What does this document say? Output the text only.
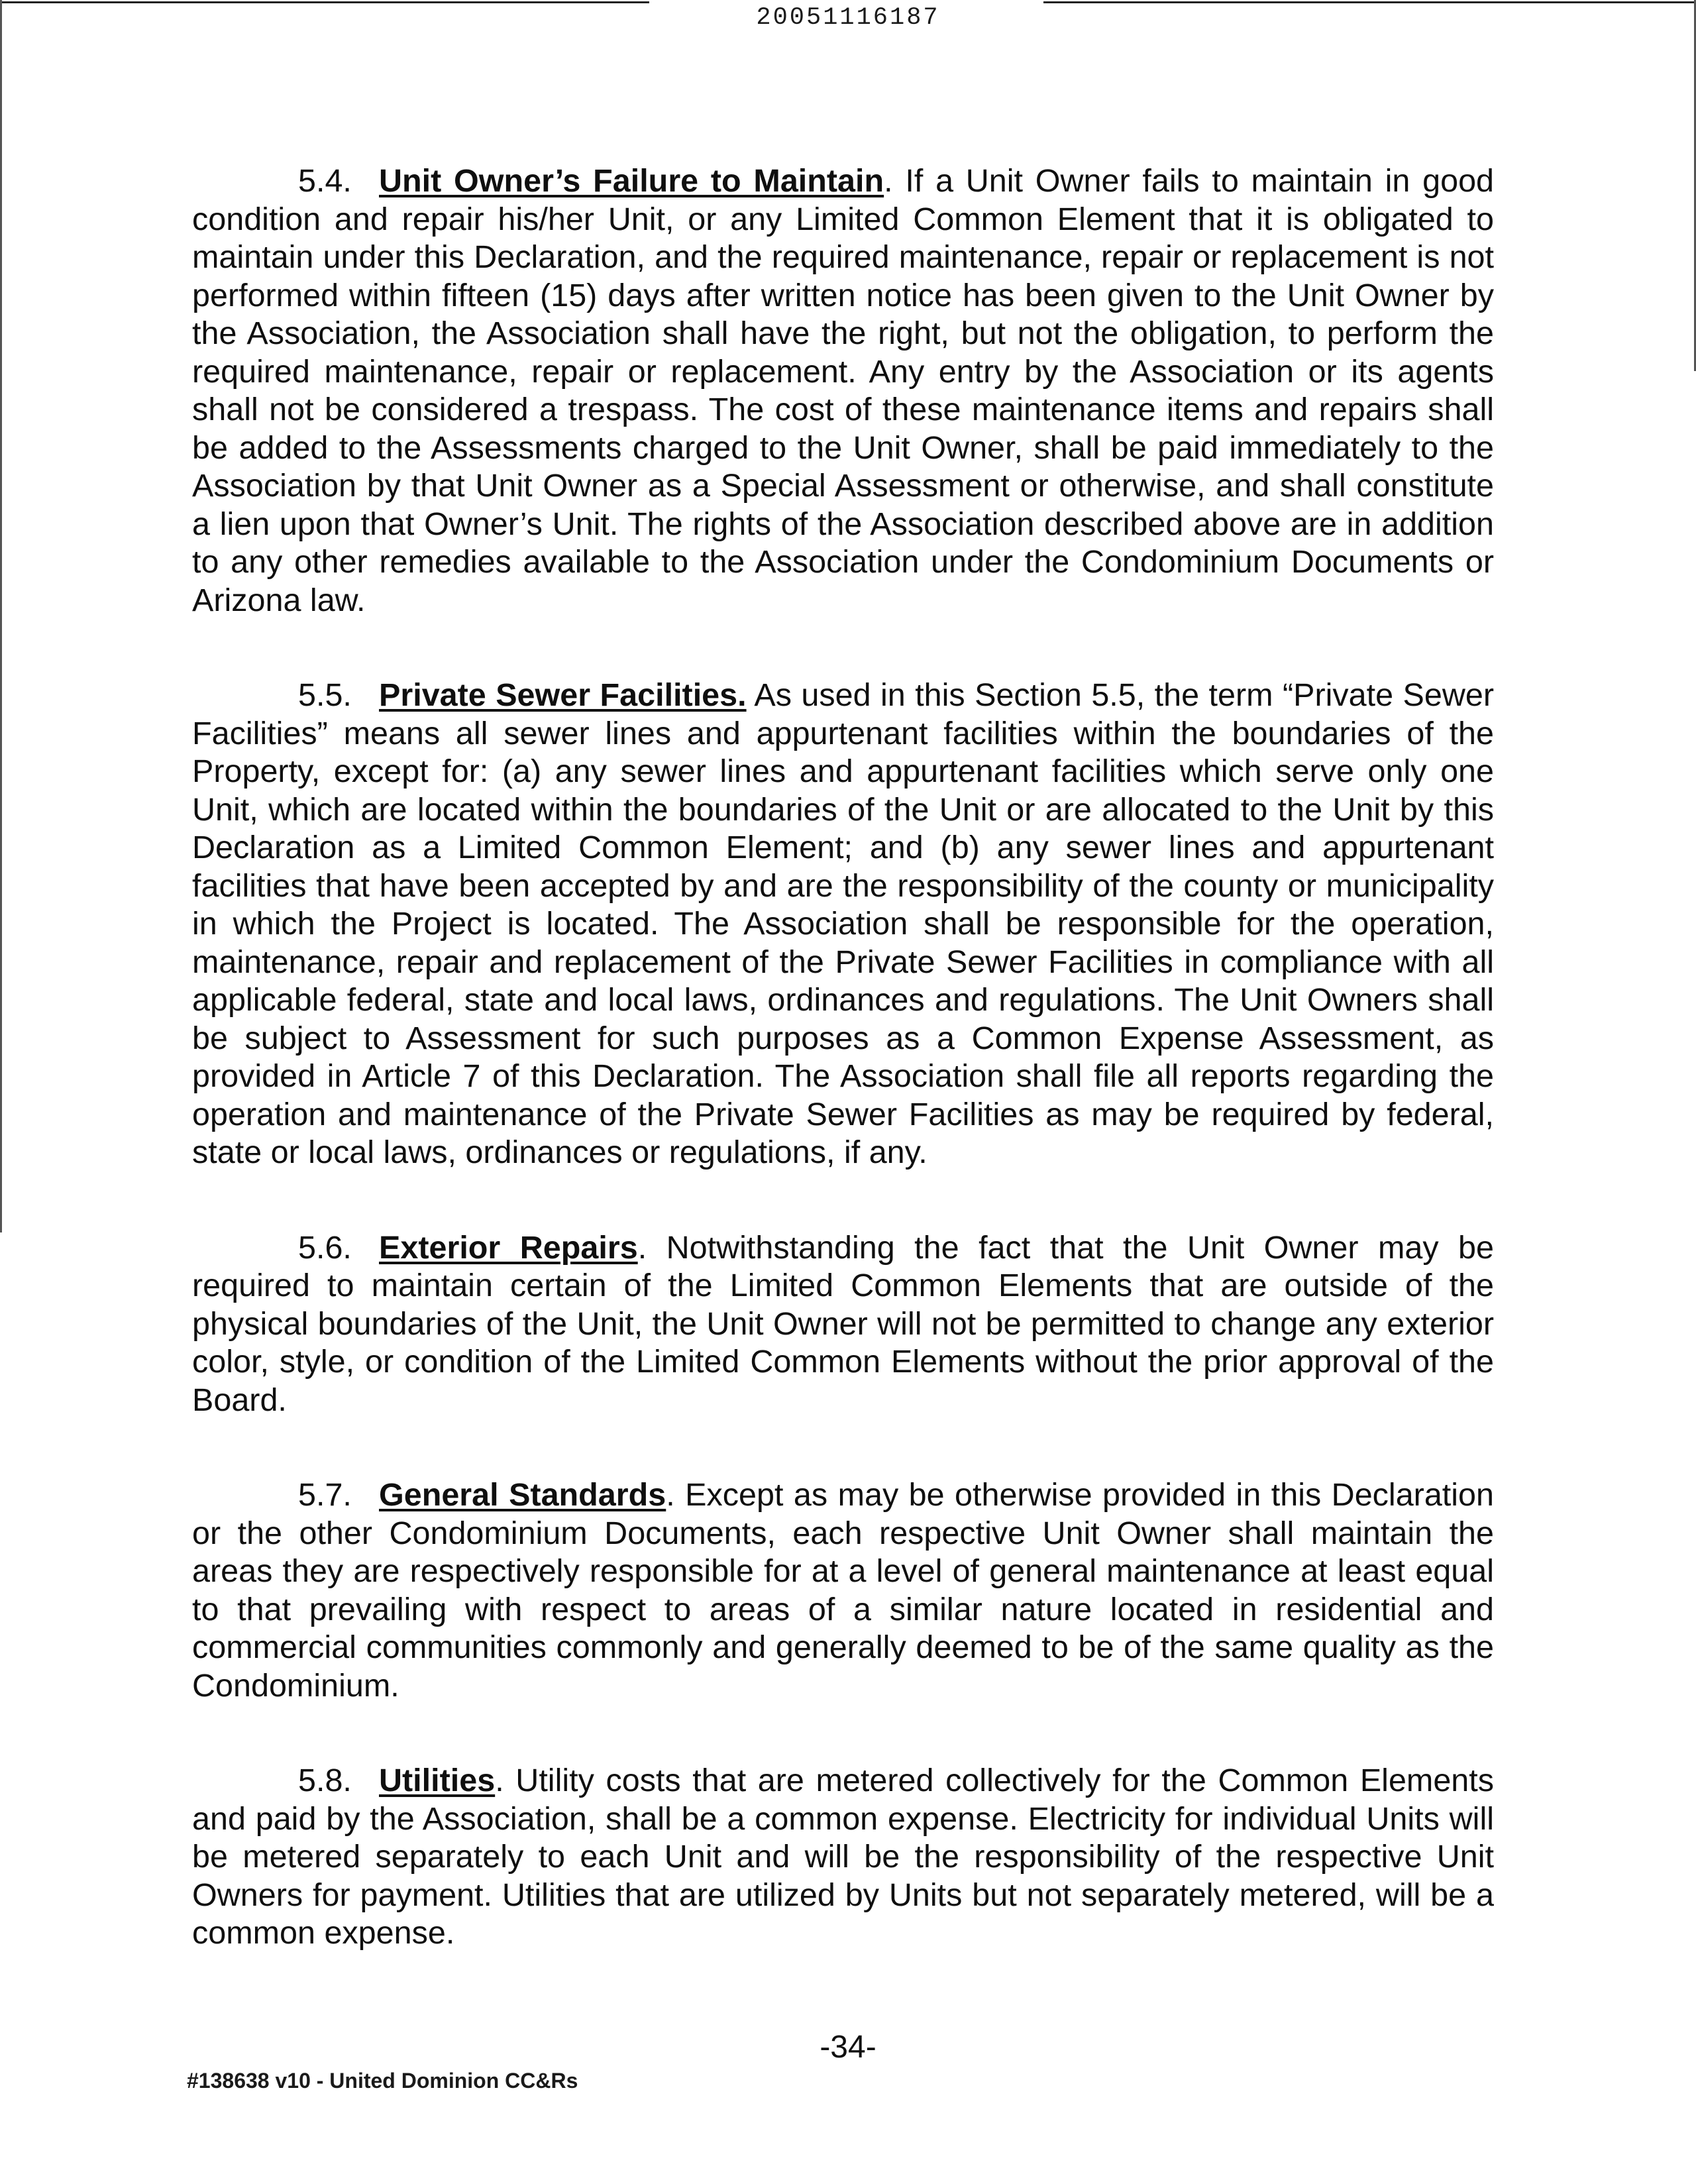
20051116187

5.4. Unit Owner’s Failure to Maintain. If a Unit Owner fails to maintain in good condition and repair his/her Unit, or any Limited Common Element that it is obligated to maintain under this Declaration, and the required maintenance, repair or replacement is not performed within fifteen (15) days after written notice has been given to the Unit Owner by the Association, the Association shall have the right, but not the obligation, to perform the required maintenance, repair or replacement. Any entry by the Association or its agents shall not be considered a trespass. The cost of these maintenance items and repairs shall be added to the Assessments charged to the Unit Owner, shall be paid immediately to the Association by that Unit Owner as a Special Assessment or otherwise, and shall constitute a lien upon that Owner’s Unit. The rights of the Association described above are in addition to any other remedies available to the Association under the Condominium Documents or Arizona law.

5.5. Private Sewer Facilities. As used in this Section 5.5, the term “Private Sewer Facilities” means all sewer lines and appurtenant facilities within the boundaries of the Property, except for: (a) any sewer lines and appurtenant facilities which serve only one Unit, which are located within the boundaries of the Unit or are allocated to the Unit by this Declaration as a Limited Common Element; and (b) any sewer lines and appurtenant facilities that have been accepted by and are the responsibility of the county or municipality in which the Project is located. The Association shall be responsible for the operation, maintenance, repair and replacement of the Private Sewer Facilities in compliance with all applicable federal, state and local laws, ordinances and regulations. The Unit Owners shall be subject to Assessment for such purposes as a Common Expense Assessment, as provided in Article 7 of this Declaration. The Association shall file all reports regarding the operation and maintenance of the Private Sewer Facilities as may be required by federal, state or local laws, ordinances or regulations, if any.

5.6. Exterior Repairs. Notwithstanding the fact that the Unit Owner may be required to maintain certain of the Limited Common Elements that are outside of the physical boundaries of the Unit, the Unit Owner will not be permitted to change any exterior color, style, or condition of the Limited Common Elements without the prior approval of the Board.

5.7. General Standards. Except as may be otherwise provided in this Declaration or the other Condominium Documents, each respective Unit Owner shall maintain the areas they are respectively responsible for at a level of general maintenance at least equal to that prevailing with respect to areas of a similar nature located in residential and commercial communities commonly and generally deemed to be of the same quality as the Condominium.

5.8. Utilities. Utility costs that are metered collectively for the Common Elements and paid by the Association, shall be a common expense. Electricity for individual Units will be metered separately to each Unit and will be the responsibility of the respective Unit Owners for payment. Utilities that are utilized by Units but not separately metered, will be a common expense.

-34-
#138638 v10 - United Dominion CC&Rs
